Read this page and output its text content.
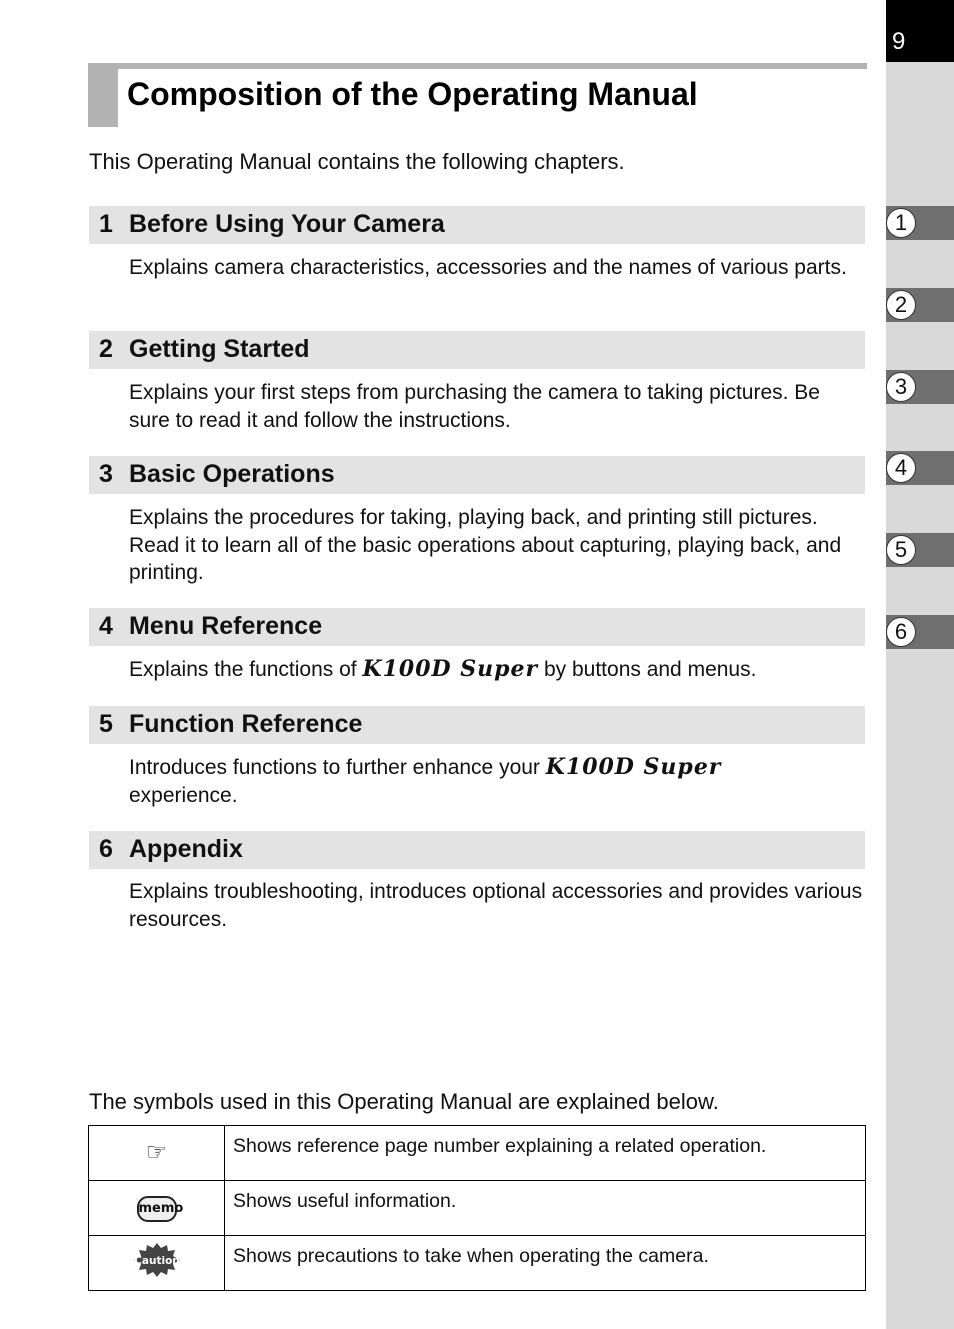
9
1
2
3
4
5
6
Composition of the Operating Manual
This Operating Manual contains the following chapters.
1 Before Using Your Camera
Explains camera characteristics, accessories and the names of various parts.
2 Getting Started
Explains your first steps from purchasing the camera to taking pictures. Be sure to read it and follow the instructions.
3 Basic Operations
Explains the procedures for taking, playing back, and printing still pictures. Read it to learn all of the basic operations about capturing, playing back, and printing.
4 Menu Reference
Explains the functions of K100D Super by buttons and menus.
5 Function Reference
Introduces functions to further enhance your K100D Super experience.
6 Appendix
Explains troubleshooting, introduces optional accessories and provides various resources.
The symbols used in this Operating Manual are explained below.
☞	Shows reference page number explaining a related operation.
memo	Shows useful information.

Caution	Shows precautions to take when operating the camera.
